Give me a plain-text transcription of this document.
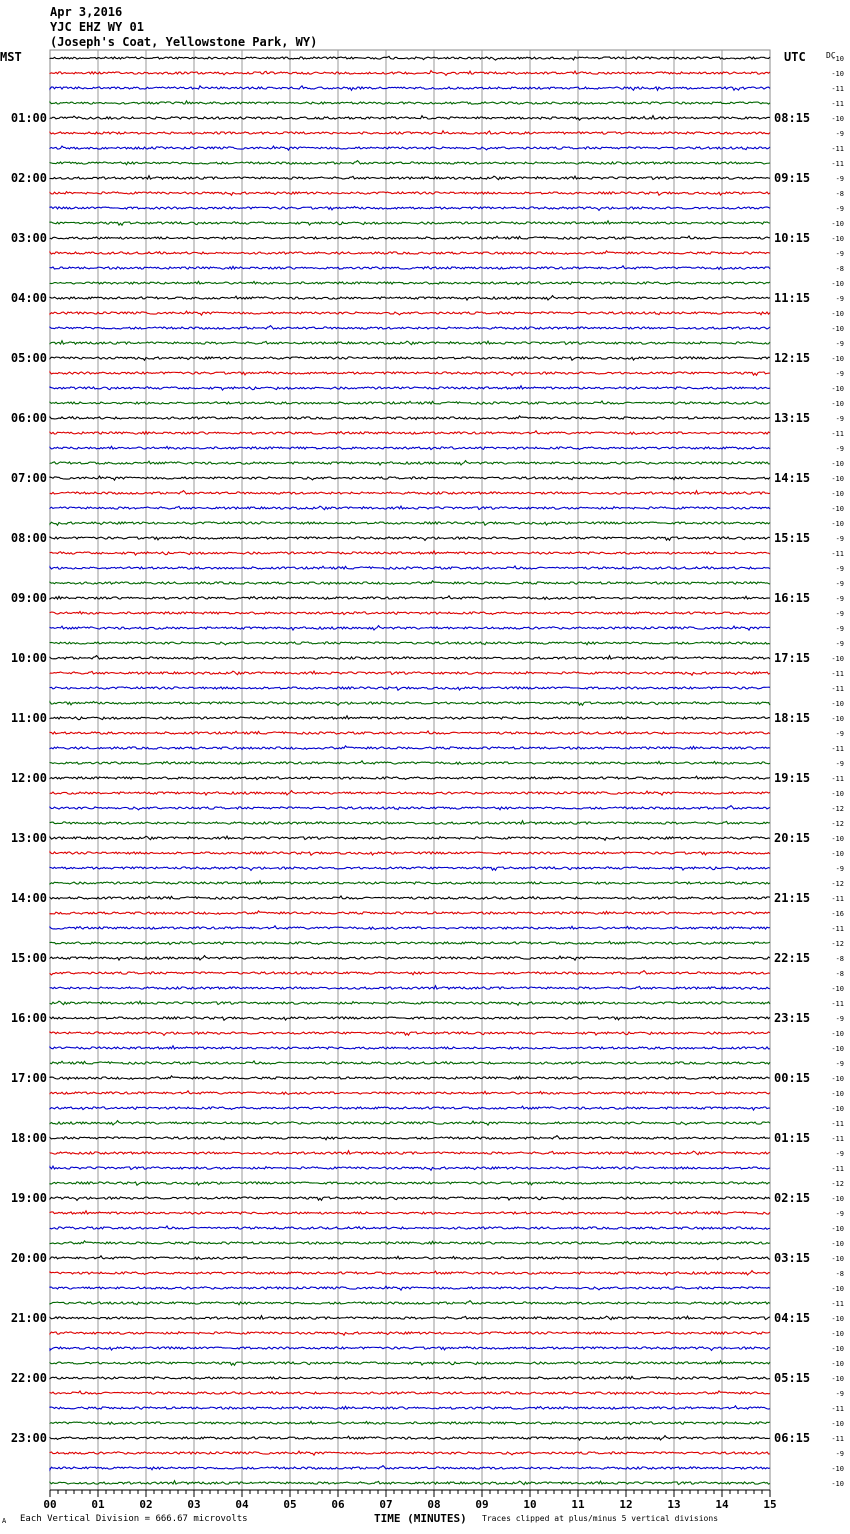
Apr 3,2016
YJC EHZ WY 01
(Joseph's Coat, Yellowstone Park, WY)
MST	UTC
01:00
02:00
03:00
04:00
05:00
06:00
07:00
08:00
09:00
10:00
11:00
12:00
13:00
14:00
15:00
16:00
17:00
18:00
19:00
20:00
21:00
22:00
23:00
08:15
09:15
10:15
11:15
12:15
13:15
14:15
15:15
16:15
17:15
18:15
19:15
20:15
21:15
22:15
23:15
00:15
01:15
02:15
03:15
04:15
05:15
06:15
-10
-10
-11
-11
-10
-9
-11
-11
-9
-8
-9
-10
-10
-9
-8
-10
-9
-10
-10
-9
-10
-9
-10
-10
-9
-11
-9
-10
-10
-10
-10
-10
-9
-11
-9
-9
-9
-9
-9
-9
-10
-11
-11
-10
-10
-9
-11
-9
-11
-10
-12
-12
-10
-10
-9
-12
-11
-16
-11
-12
-8
-8
-10
-11
-9
-10
-10
-9
-10
-10
-10
-11
-11
-9
-11
-12
-10
-9
-10
-10
-10
-8
-10
-11
-10
-10
-10
-10
-10
-9
-11
-10
-11
-9
-10
-10
00	01	02	03	04	05	06	07	08	09	10	11	12	13	14	15
DC
A Each Vertical Division = 666.67 microvolts	TIME (MINUTES) Traces clipped at plus/minus 5 vertical divisions
